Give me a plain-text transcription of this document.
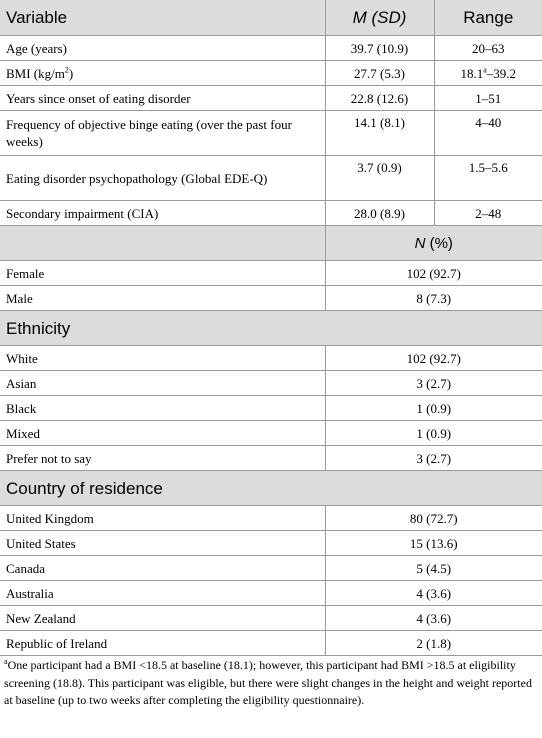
Variable	M (SD)	Range
Age (years)	39.7 (10.9)	20–63
BMI $(kg/m^2)$	27.7 (5.3)	18.1$^a$–39.2
Years since onset of eating disorder	22.8 (12.6)	1–51
Frequency of objective binge eating (over the past four weeks)	14.1 (8.1)	4–40
Eating disorder psychopathology (Global EDE-Q)	3.7 (0.9)	1.5–5.6
Secondary impairment (CIA)	28.0 (8.9)	2–48
	N (%)	
Female	102 (92.7)	
Male	8 (7.3)	
Ethnicity		
White	102 (92.7)	
Asian	3 (2.7)	
Black	1 (0.9)	
Mixed	1 (0.9)	
Prefer not to say	3 (2.7)	
Country of residence		
United Kingdom	80 (72.7)	
United States	15 (13.6)	
Canada	5 (4.5)	
Australia	4 (3.6)	
New Zealand	4 (3.6)	
Republic of Ireland	2 (1.8)	
$^a$One participant had a BMI <18.5 at baseline (18.1); however, this participant had BMI >18.5 at eligibility screening (18.8). This participant was eligible, but there were slight changes in the height and weight reported at baseline (up to two weeks after completing the eligibility questionnaire).
